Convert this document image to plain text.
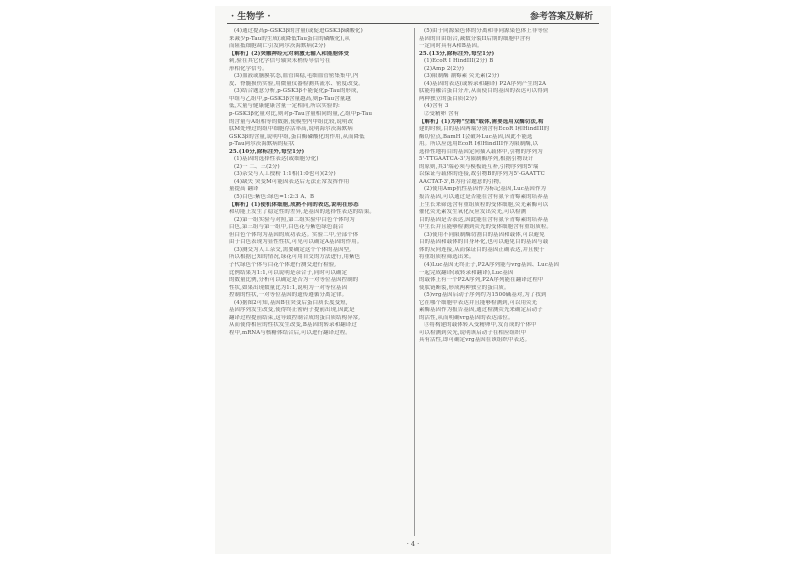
· 生物学 ·	参考答案及解析
(4)通过提高p-GSK3β的含量(或促进GSK3β磷酸化)
来减少p-Tau的生成(或降低Tau蛋白的磷酸化),从
而阻抵细胞凋亡引发阿尔茨海默病(2分)
【解析】(2)突触神经元对刺激无输入和能胞体受
刺,验在其它化学信号轴突末梢传导信号在
形相化学信号。
(3)血液或脑膜状态,血管围稳,毛细血管密集集中,内
皮、脊髓损伤实验,用微量仪器检测其流水、密度改变。
(3)结合题意分析,p-GSK3β不能促化p-Tau的形成,
甲组与乙组中,p-GSK3β含量越高,则p-Tau含量越
低,大量与健康健康含量一定相同,所以实验的:
p-GSK3β化量对比,则对p-Tau含量相同的量,乙组中p-Tau
的含量与A组相等的数据,使模型内甲组比较,说明改
肽M处理过的组中细胞存活率高,说明海尔茨海默病
GSK3β的含量,说明甲组,蛋白酶磷酸化的作用,从而降低
p-Tau阿尔茨海默病的症状
25.(10分,除标注外,每空1分)
(1)基因的选择性表达(或细胞分化)
(2)一 二、三(2分)
(3)杂交与人工授粉 1:1相(1:0也可)(2分)
(4)缺失 突变M可能因表达后无法正常发挥作用
量提高 翻译
(5)白色:紫色:绿色=1:2:3 A、B
【解析】(1)使机体细胞,成熟不同的表达,说明在形态
和功能上发生了稳定性的差异,是基因的选择性表达的结果。
(2)第一组实验与对照,第二组实验中白色个体均为
白色,第三组与第一组中,白色花与紫色绿色混合
但白色个体均为基因的成功表达。实验二中,全部个体
由于白色表现为显性性状,可见可以确定A基因的作用。
(3)测交为人工杂交,需要确定这个个体的基因型,
所以根据已知的情况,绿花可用自交的方法进行,用紫色
子代绿色个体与白花个体进行测交进行检验,
比例结果为1:1,可以说明是杂合子,同时可以确定
的数量比例,分析可以确定是否为一对等位基因控制的
性状,如果出现数量比为1:1,说明为一对等位基因
控制的性状,一对等位基因的遗传遵循分离定律。
(4)据图2可知,基因B在突变后蛋白质长度变短,
基因序列发生改变,使得终止密码子提前出现,因此是
翻译过程提前结束,这导致控制合成的蛋白质结构异常,
从而使得相应的性状发生改变,B基因的转录和翻译过
程中,mRNA与核糖体结合后,可以进行翻译过程。
(5)由于同源染色体的分离和非同源染色体上非等位
基因的自由组合,减数分裂II后期的细胞中含有
一定同时具有A和B基因。
25.(13分,除标注外,每空1分)
(1)EcoR I HindIII(2分) B
(2)Amp 2(2分)
(3)限制酶 潮霉素 荧光素(2分)
(4)基因的表达(或转录和翻译) P2A序列产生的2A
肽能将融合蛋白分开,从而使目的基因的表达可以得到
两种独立的蛋白质(2分)
(4)含有 3
②受精卵 含有
【解析】(1)为将"空载"载体,需要选用双酶切法,构
建的时候,目的基因两端分别含有EcoR I和HindIII的
酶切位点,BamH I会破坏Luc基因,因此不能选
用。所以应选用EcoR I和HindIII作为限制酶,以
选择性地将目的基因定向插入载体中,引物的序列为
5'-TTGAATCA-3'为限制酶序列,根据引物设计
的原则,其3'端必须与模板链互补,引物序列的5'端
以保证与载体的连接,故引物B的序列为5'-GAATTC
AACTAT-3',B为符合题意的引物。
(2)使用Amp抗性基因作为标记基因,Luc基因作为
报告基因,可以通过是否能在含有氨苄青霉素的培养基
上生长来筛选含有重组质粒的受体细胞,荧光素酶可以
催化荧光素发生氧化反应发出荧光,可以检测
目的基因是否表达,因此能在含有氨苄青霉素的培养基
中生长并且能够检测到荧光的受体细胞含有重组质粒。
(3)使用不同限制酶切割目的基因和载体,可以避免
目的基因和载体的自身环化,也可以避免目的基因与载
体的反向连接,从而保证目的基因正确表达,并且便于
将重组质粒筛选出来。
(4)Luc基因无终止子,P2A序列能与vrg基因、Luc基因
一起完成翻译(或转录和翻译),Luc基因
的载体上有一个P2A序列,P2A序列能在翻译过程中
使肽链断裂,形成两种独立的蛋白质。
(5)vrg基因启动子序列约为1500碱基对,为了找到
它在哪个细胞中表达并且能够检测到,可以用荧光
素酶基因作为报告基因,通过检测荧光来确定启动子
的活性,从而明确vrg基因的表达部位。
③将构建的载体转入受精卵中,发育成的个体中
可以检测到荧光,说明该启动子在相应组织中
具有活性,即可确定vrg基因在该组织中表达。
· 4 ·
